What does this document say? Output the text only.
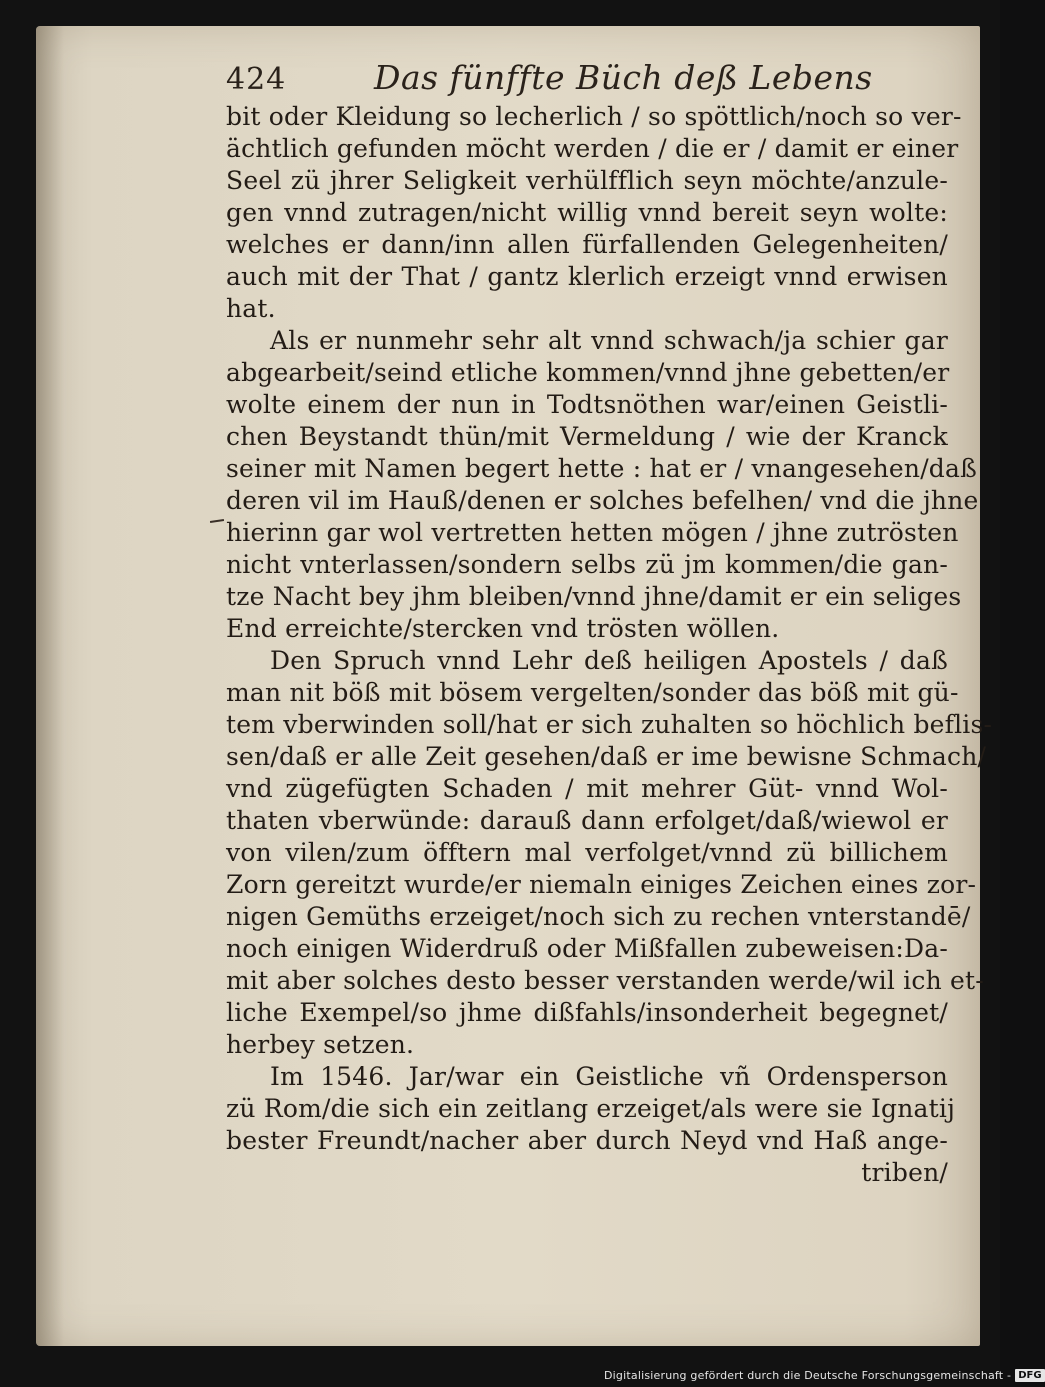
424	Das fünffte Büch deß Lebens
bit oder Kleidung so lecherlich / so spöttlich/noch so ver-
ächtlich gefunden möcht werden / die er / damit er einer
Seel zü jhrer Seligkeit verhülfflich seyn möchte/anzule-
gen vnnd zutragen/nicht willig vnnd bereit seyn wolte:
welches er dann/inn allen fürfallenden Gelegenheiten/
auch mit der That / gantz klerlich erzeigt vnnd erwisen
hat.
Als er nunmehr sehr alt vnnd schwach/ja schier gar
abgearbeit/seind etliche kommen/vnnd jhne gebetten/er
wolte einem der nun in Todtsnöthen war/einen Geistli-
chen Beystandt thün/mit Vermeldung / wie der Kranck
seiner mit Namen begert hette : hat er / vnangesehen/daß
deren vil im Hauß/denen er solches befelhen/ vnd die jhne
hierinn gar wol vertretten hetten mögen / jhne zutrösten
nicht vnterlassen/sondern selbs zü jm kommen/die gan-
tze Nacht bey jhm bleiben/vnnd jhne/damit er ein seliges
End erreichte/stercken vnd trösten wöllen.
Den Spruch vnnd Lehr deß heiligen Apostels / daß
man nit böß mit bösem vergelten/sonder das böß mit gü-
tem vberwinden soll/hat er sich zuhalten so höchlich beflis-
sen/daß er alle Zeit gesehen/daß er ime bewisne Schmach/
vnd zügefügten Schaden / mit mehrer Güt- vnnd Wol-
thaten vberwünde: darauß dann erfolget/daß/wiewol er
von vilen/zum öfftern mal verfolget/vnnd zü billichem
Zorn gereitzt wurde/er niemaln einiges Zeichen eines zor-
nigen Gemüths erzeiget/noch sich zu rechen vnterstandē/
noch einigen Widerdruß oder Mißfallen zubeweisen:Da-
mit aber solches desto besser verstanden werde/wil ich et-
liche Exempel/so jhme dißfahls/insonderheit begegnet/
herbey setzen.
Im 1546. Jar/war ein Geistliche vñ Ordensperson
zü Rom/die sich ein zeitlang erzeiget/als were sie Ignatij
bester Freundt/nacher aber durch Neyd vnd Haß ange-
triben/
Digitalisierung gefördert durch die Deutsche Forschungsgemeinschaft - DFG
